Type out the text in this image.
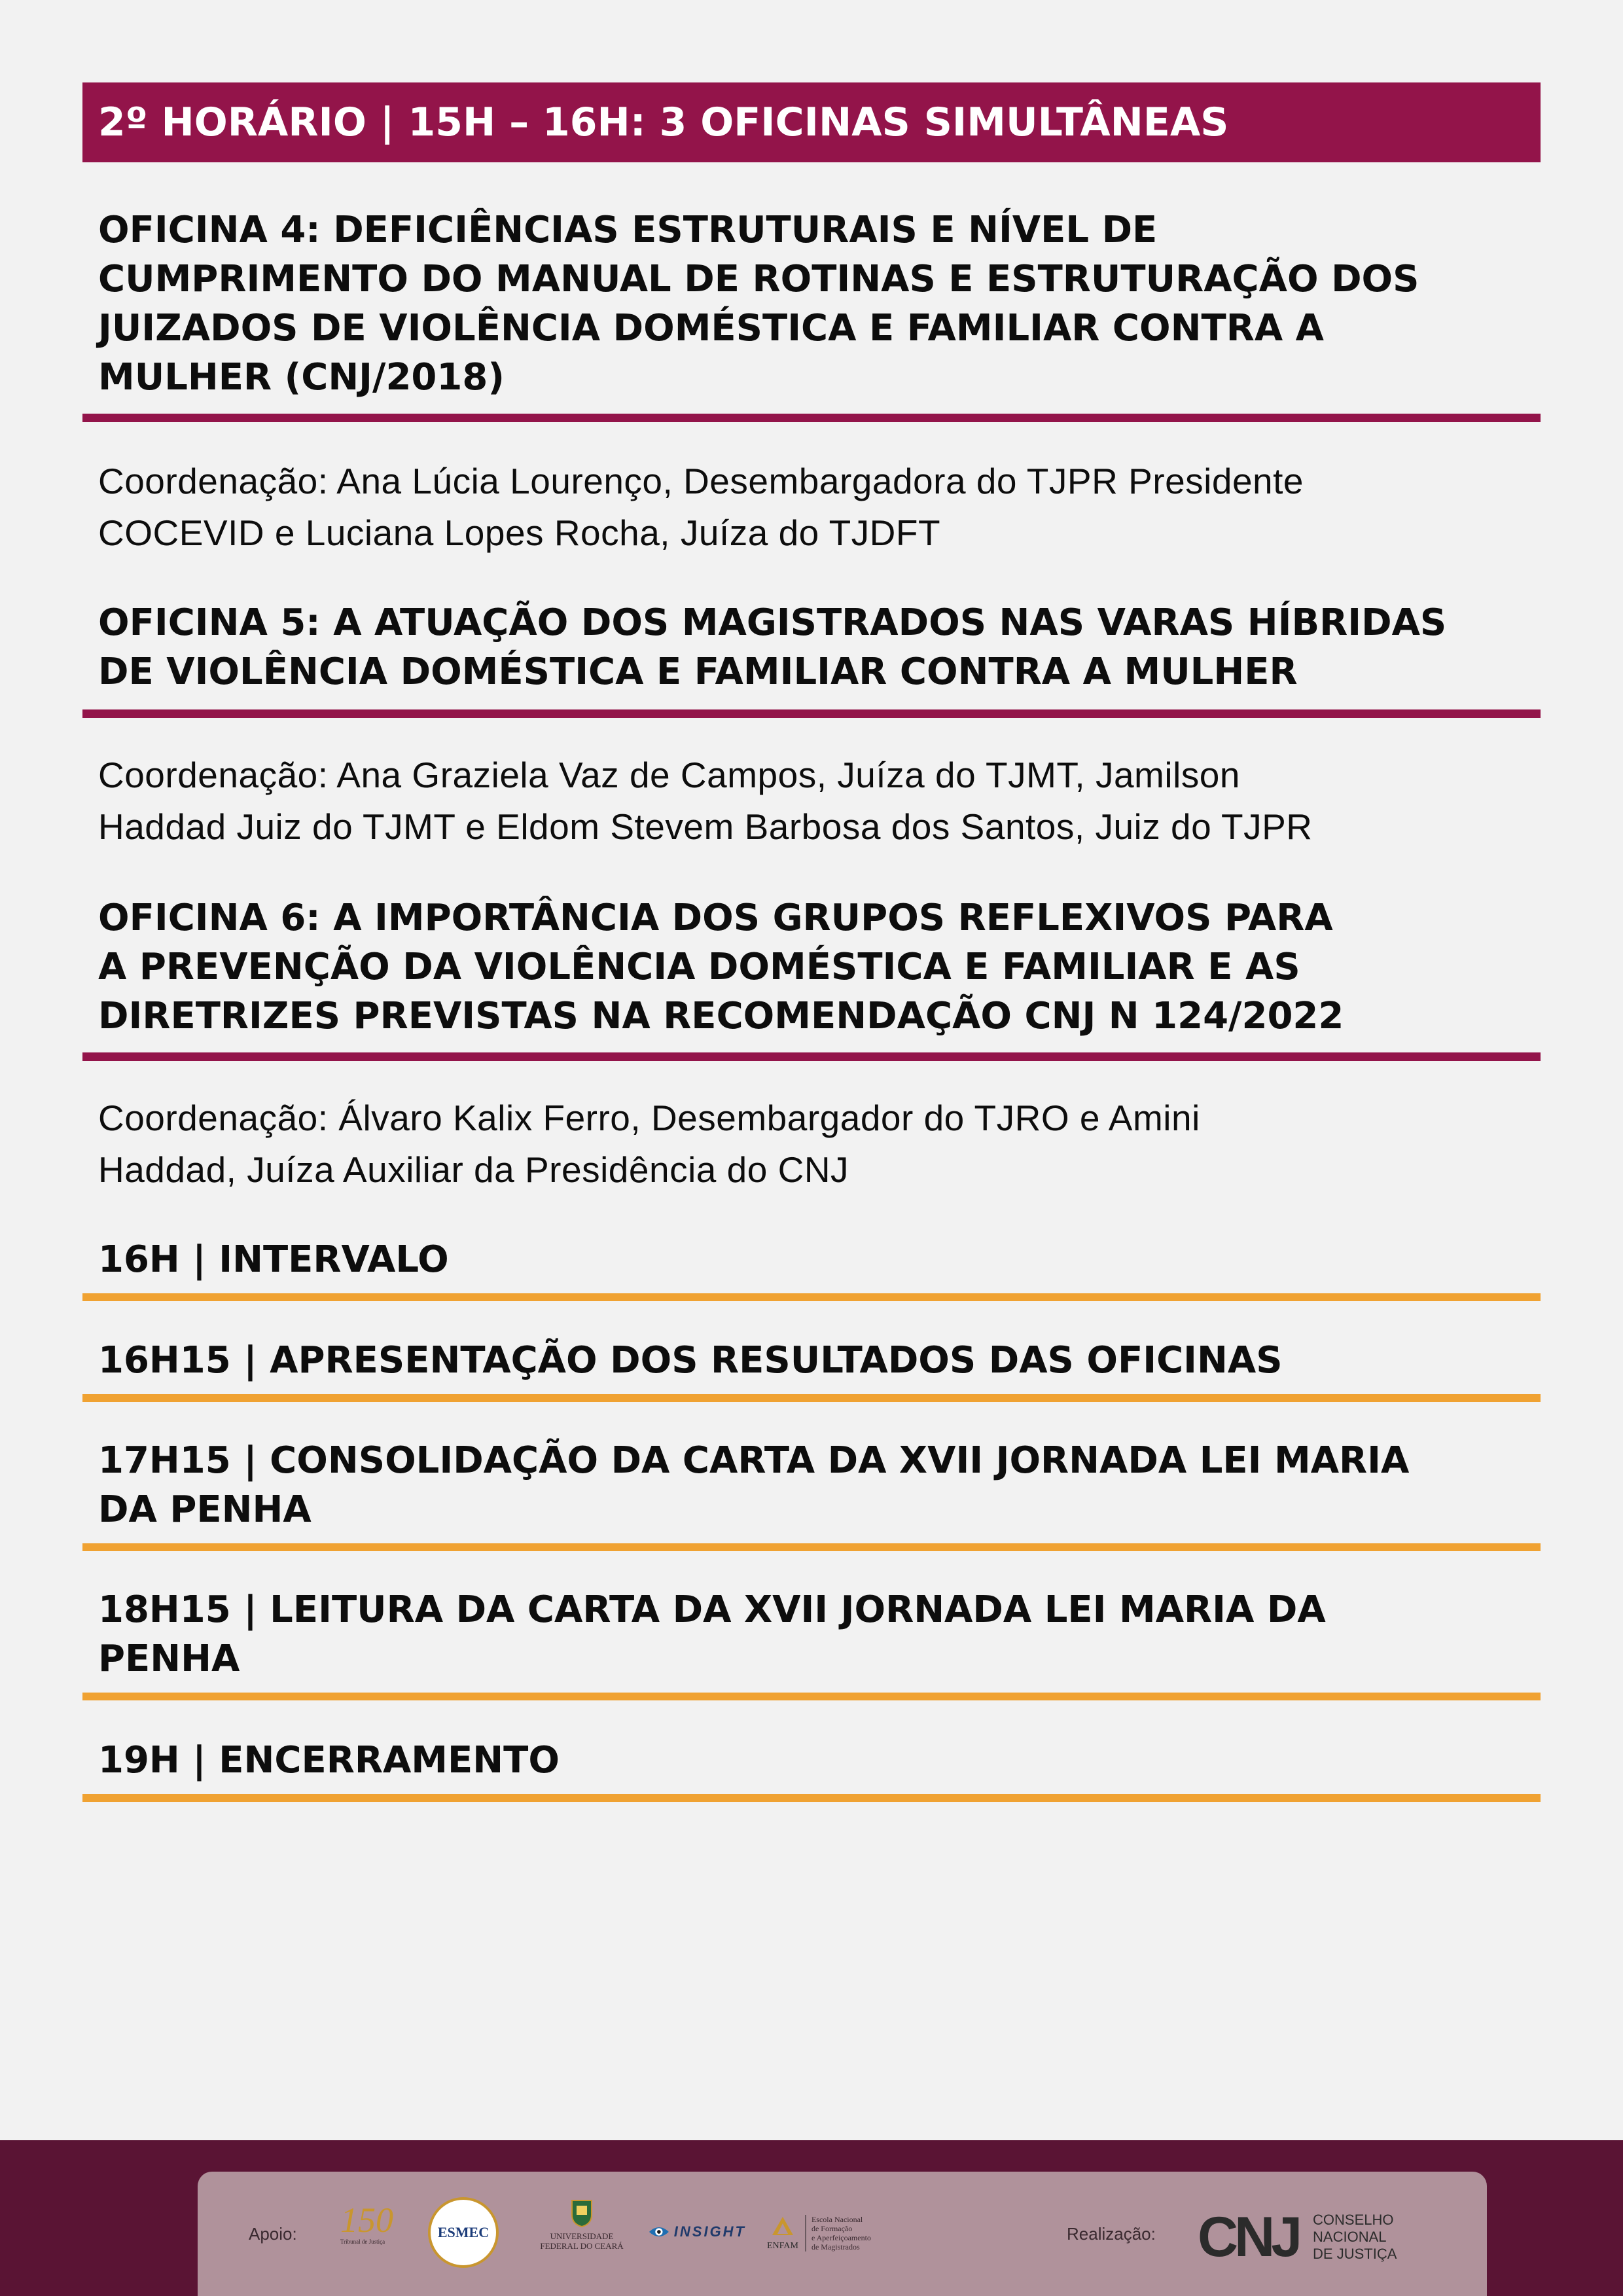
2º HORÁRIO | 15H – 16H: 3 OFICINAS SIMULTÂNEAS
OFICINA 4: DEFICIÊNCIAS ESTRUTURAIS E NÍVEL DE
CUMPRIMENTO DO MANUAL DE ROTINAS E ESTRUTURAÇÃO DOS
JUIZADOS DE VIOLÊNCIA DOMÉSTICA E FAMILIAR CONTRA A
MULHER (CNJ/2018)
Coordenação: Ana Lúcia Lourenço, Desembargadora do TJPR Presidente
COCEVID e Luciana Lopes Rocha, Juíza do TJDFT
OFICINA 5: A ATUAÇÃO DOS MAGISTRADOS NAS VARAS HÍBRIDAS
DE VIOLÊNCIA DOMÉSTICA E FAMILIAR CONTRA A MULHER
Coordenação: Ana Graziela Vaz de Campos, Juíza do TJMT, Jamilson
Haddad Juiz do TJMT e Eldom Stevem Barbosa dos Santos, Juiz do TJPR
OFICINA 6: A IMPORTÂNCIA DOS GRUPOS REFLEXIVOS PARA
A PREVENÇÃO DA VIOLÊNCIA DOMÉSTICA E FAMILIAR E AS
DIRETRIZES PREVISTAS NA RECOMENDAÇÃO CNJ N 124/2022
Coordenação: Álvaro Kalix Ferro, Desembargador do TJRO e Amini
Haddad, Juíza Auxiliar da Presidência do CNJ
16H | INTERVALO
16H15 | APRESENTAÇÃO DOS RESULTADOS DAS OFICINAS
17H15 | CONSOLIDAÇÃO DA CARTA DA XVII JORNADA LEI MARIA
DA PENHA
18H15 | LEITURA DA CARTA DA XVII JORNADA LEI MARIA DA
PENHA
19H | ENCERRAMENTO
Apoio: 150
Tribunal de Justiça
ESMEC	UNIVERSIDADE
FEDERAL DO CEARÁ
INSIGHT
ENFAM
Escola Nacional
de Formação
e Aperfeiçoamento
de Magistrados
Realização: CNJ CONSELHO
NACIONAL
DE JUSTIÇA
